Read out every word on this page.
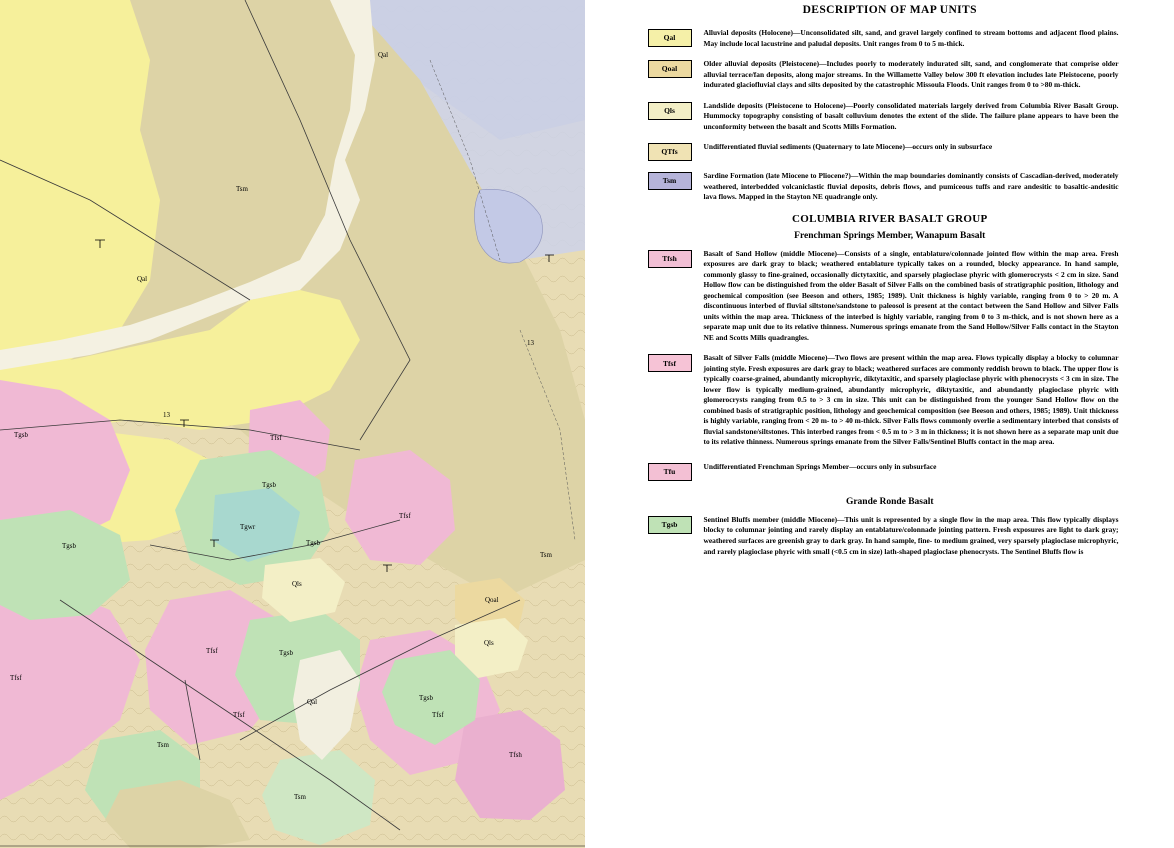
Qal
Tsm
Qal
Tfsf
Tgsb
Tgsb
Tgwr
Tgsb
Tfsf
Tsm
Qls
Qoal
Qls
Tfsf	Tgsb
Tfsf
Tfsf
Qal	Tgsb
Tfsf
Tfsh
Tsm
Tsm
Tgsb
13
13
DESCRIPTION OF MAP UNITS
Qal
Alluvial deposits (Holocene)—Unconsolidated silt, sand, and gravel largely confined to stream bottoms and adjacent flood plains. May include local lacustrine and paludal deposits. Unit ranges from 0 to 5 m-thick.
Qoal
Older alluvial deposits (Pleistocene)—Includes poorly to moderately indurated silt, sand, and conglomerate that comprise older alluvial terrace/fan deposits, along major streams. In the Willamette Valley below 300 ft elevation includes late Pleistocene, poorly indurated glaciofluvial clays and silts deposited by the catastrophic Missoula Floods. Unit ranges from 0 to >80 m-thick.
Qls
Landslide deposits (Pleistocene to Holocene)—Poorly consolidated materials largely derived from Columbia River Basalt Group. Hummocky topography consisting of basalt colluvium denotes the extent of the slide. The failure plane appears to have been the unconformity between the basalt and Scotts Mills Formation.
QTfs
Undifferentiated fluvial sediments (Quaternary to late Miocene)—occurs only in subsurface
Tsm
Sardine Formation (late Miocene to Pliocene?)—Within the map boundaries dominantly consists of Cascadian-derived, moderately weathered, interbedded volcaniclastic fluvial deposits, debris flows, and pumiceous tuffs and rare andesitic to basaltic-andesitic lava flows. Mapped in the Stayton NE quadrangle only.
COLUMBIA RIVER BASALT GROUP
Frenchman Springs Member, Wanapum Basalt
Tfsh
Basalt of Sand Hollow (middle Miocene)—Consists of a single, entablature/colonnade jointed flow within the map area. Fresh exposures are dark gray to black; weathered entablature typically takes on a rounded, blocky appearance. In hand sample, commonly glassy to fine-grained, occasionally dictytaxitic, and sparsely plagioclase phyric with glomerocrysts < 2 cm in size. Sand Hollow flow can be distinguished from the older Basalt of Silver Falls on the combined basis of stratigraphic position, lithology and geochemical composition (see Beeson and others, 1985; 1989). Unit thickness is highly variable, ranging from 0 to > 20 m. A discontinuous interbed of fluvial siltstone/sandstone to paleosol is present at the contact between the Sand Hollow and Silver Falls units within the map area. Thickness of the interbed is highly variable, ranging from 0 to 3 m-thick, and is not shown here as a separate map unit due to its relative thinness. Numerous springs emanate from the Sand Hollow/Silver Falls contact in the Stayton NE and Scotts Mills quadrangles.
Tfsf
Basalt of Silver Falls (middle Miocene)—Two flows are present within the map area. Flows typically display a blocky to columnar jointing style. Fresh exposures are dark gray to black; weathered surfaces are commonly reddish brown to black. The upper flow is typically coarse-grained, abundantly microphyric, diktytaxitic, and sparsely plagioclase phyric with phenocrysts < 3 cm in size. The lower flow is typically medium-grained, abundantly microphyric, diktytaxitic, and abundantly plagioclase phyric with glomerocrysts ranging from 0.5 to > 3 cm in size. This unit can be distinguished from the younger Sand Hollow flow on the combined basis of stratigraphic position, lithology and geochemical composition (see Beeson and others, 1985; 1989). Unit thickness is highly variable, ranging from < 20 m- to > 40 m-thick. Silver Falls flows commonly overlie a sedimentary interbed that consists of fluvial sandstone/siltstones. This interbed ranges from < 0.5 m to > 3 m in thickness; it is not shown here as a separate map unit due to its relative thinness. Numerous springs emanate from the Silver Falls/Sentinel Bluffs contact in the map area.
Tfu
Undifferentiated Frenchman Springs Member—occurs only in subsurface
Grande Ronde Basalt
Tgsb
Sentinel Bluffs member (middle Miocene)—This unit is represented by a single flow in the map area. This flow typically displays blocky to columnar jointing and rarely display an entablature/colonnade jointing pattern. Fresh exposures are light to dark gray; weathered surfaces are greenish gray to dark gray. In hand sample, fine- to medium grained, very sparsely plagioclase microphyric, and rarely plagioclase phyric with small (<0.5 cm in size) lath-shaped plagioclase phenocrysts. The Sentinel Bluffs flow is
